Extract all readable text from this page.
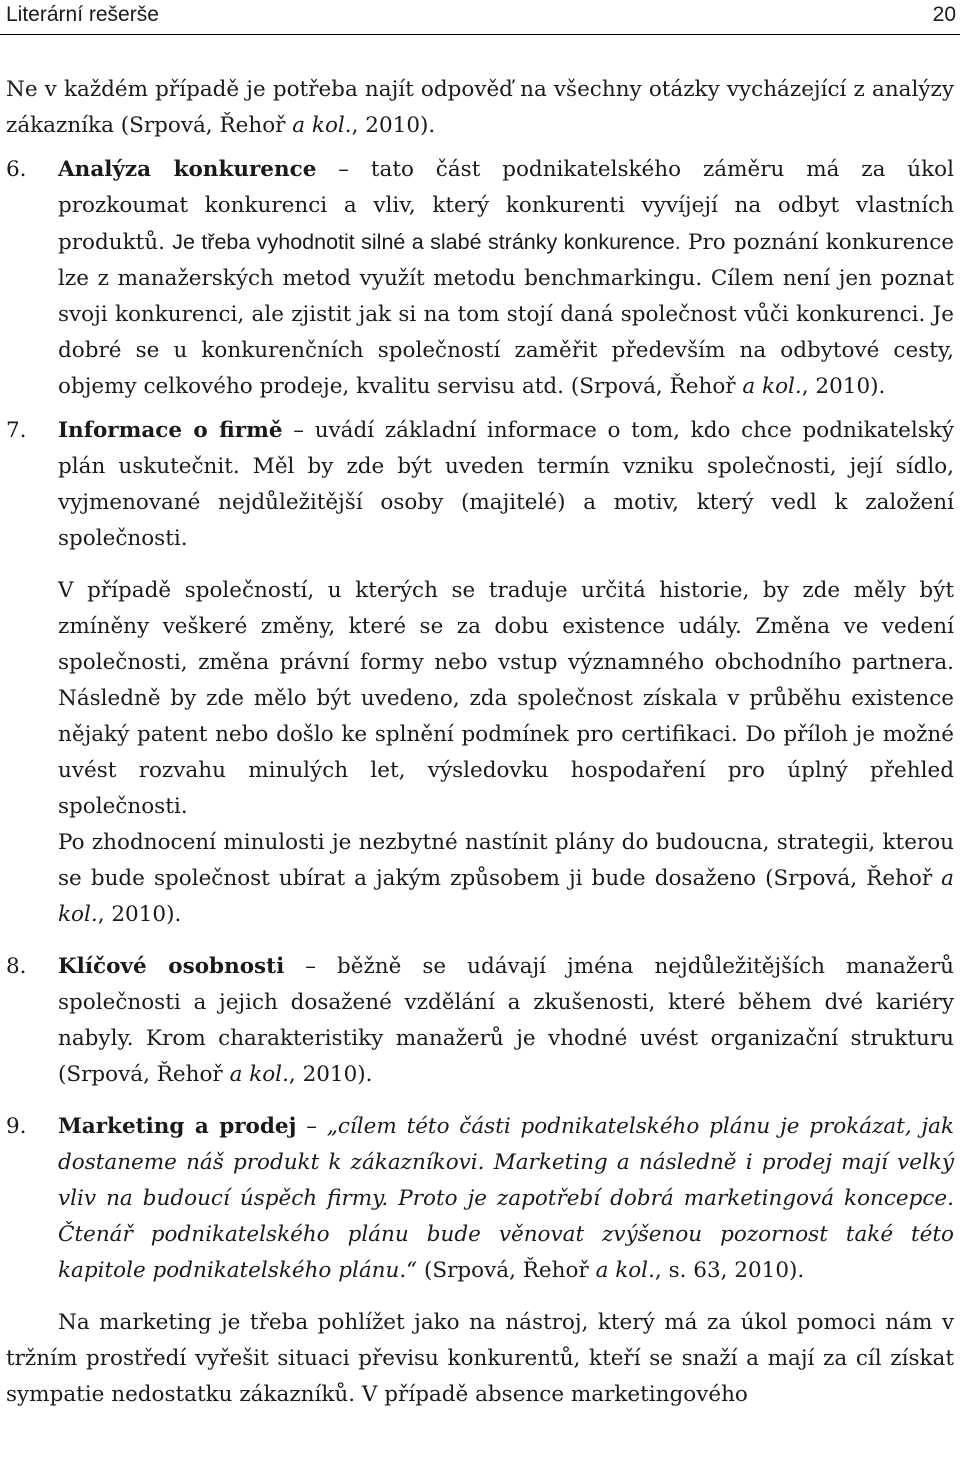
Literární rešerše	20

Ne v každém případě je potřeba najít odpověď na všechny otázky vycházející z analýzy zákazníka (Srpová, Řehoř a kol., 2010).

6. Analýza konkurence – tato část podnikatelského záměru má za úkol prozkoumat konkurenci a vliv, který konkurenti vyvíjejí na odbyt vlastních produktů. Je třeba vyhodnotit silné a slabé stránky konkurence. Pro poznání konkurence lze z manažerských metod využít metodu benchmarkingu. Cílem není jen poznat svoji konkurenci, ale zjistit jak si na tom stojí daná společnost vůči konkurenci. Je dobré se u konkurenčních společností zaměřit především na odbytové cesty, objemy celkového prodeje, kvalitu servisu atd. (Srpová, Řehoř a kol., 2010).

7. Informace o firmě – uvádí základní informace o tom, kdo chce podnikatelský plán uskutečnit. Měl by zde být uveden termín vzniku společnosti, její sídlo, vyjmenované nejdůležitější osoby (majitelé) a motiv, který vedl k založení společnosti.

V případě společností, u kterých se traduje určitá historie, by zde měly být zmíněny veškeré změny, které se za dobu existence udály. Změna ve vedení společnosti, změna právní formy nebo vstup významného obchodního partnera. Následně by zde mělo být uvedeno, zda společnost získala v průběhu existence nějaký patent nebo došlo ke splnění podmínek pro certifikaci. Do příloh je možné uvést rozvahu minulých let, výsledovku hospodaření pro úplný přehled společnosti.

Po zhodnocení minulosti je nezbytné nastínit plány do budoucna, strategii, kterou se bude společnost ubírat a jakým způsobem ji bude dosaženo (Srpová, Řehoř a kol., 2010).

8. Klíčové osobnosti – běžně se udávají jména nejdůležitějších manažerů společnosti a jejich dosažené vzdělání a zkušenosti, které během dvé kariéry nabyly. Krom charakteristiky manažerů je vhodné uvést organizační strukturu (Srpová, Řehoř a kol., 2010).

9. Marketing a prodej – „cílem této části podnikatelského plánu je prokázat, jak dostaneme náš produkt k zákazníkovi. Marketing a následně i prodej mají velký vliv na budoucí úspěch firmy. Proto je zapotřebí dobrá marketingová koncepce. Čtenář podnikatelského plánu bude věnovat zvýšenou pozornost také této kapitole podnikatelského plánu.“ (Srpová, Řehoř a kol., s. 63, 2010).

Na marketing je třeba pohlížet jako na nástroj, který má za úkol pomoci nám v tržním prostředí vyřešit situaci převisu konkurentů, kteří se snaží a mají za cíl získat sympatie nedostatku zákazníků. V případě absence marketingového
